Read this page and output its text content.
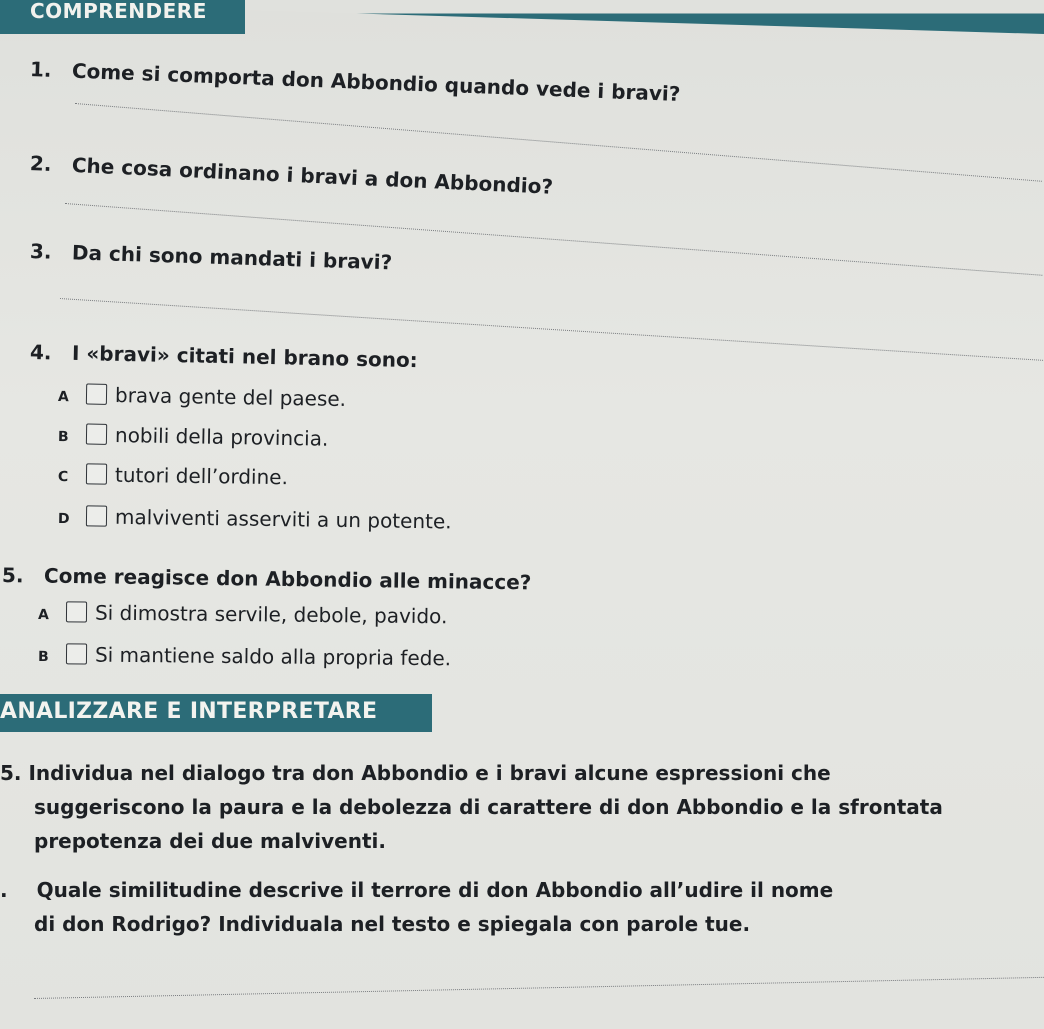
COMPRENDERE
1. Come si comporta don Abbondio quando vede i bravi?
2. Che cosa ordinano i bravi a don Abbondio?
3. Da chi sono mandati i bravi?
4. I «bravi» citati nel brano sono:
A brava gente del paese.
B nobili della provincia.
C tutori dell’ordine.
D malviventi asserviti a un potente.
5. Come reagisce don Abbondio alle minacce?
A Si dimostra servile, debole, pavido.
B Si mantiene saldo alla propria fede.
ANALIZZARE E INTERPRETARE
5. Individua nel dialogo tra don Abbondio e i bravi alcune espressioni che
suggeriscono la paura e la debolezza di carattere di don Abbondio e la sfrontata
prepotenza dei due malviventi.
. Quale similitudine descrive il terrore di don Abbondio all’udire il nome
di don Rodrigo? Individuala nel testo e spiegala con parole tue.
